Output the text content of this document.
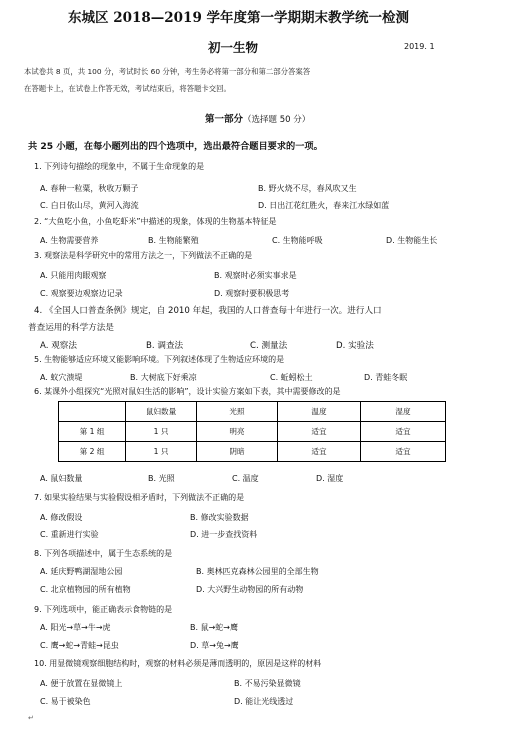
东城区 2018—2019 学年度第一学期期末教学统一检测
初一生物	2019. 1
本试卷共 8 页，共 100 分，考试时长 60 分钟，考生务必将第一部分和第二部分答案答
在答题卡上，在试卷上作答无效，考试结束后，将答题卡交回。
第一部分（选择题 50 分）
共 25 小题，在每小题列出的四个选项中，选出最符合题目要求的一项。
1. 下列诗句描绘的现象中，不属于生命现象的是
A. 春种一粒粟，秋收万颗子	B. 野火烧不尽，春风吹又生
C. 白日依山尽，黄河入海流	D. 日出江花红胜火，春来江水绿如蓝
2. “大鱼吃小鱼，小鱼吃虾米”中描述的现象，体现的生物基本特征是
A. 生物需要营养	B. 生物能繁殖	C. 生物能呼吸	D. 生物能生长
3. 观察法是科学研究中的常用方法之一，下列做法不正确的是
A. 只能用肉眼观察	B. 观察时必须实事求是
C. 观察要边观察边记录	D. 观察时要积极思考
4. 《全国人口普查条例》规定，自 2010 年起，我国的人口普查每十年进行一次。进行人口
普查运用的科学方法是
A. 观察法	B. 调查法	C. 测量法	D. 实验法
5. 生物能够适应环境又能影响环境。下列叙述体现了生物适应环境的是
A. 蚁穴溃堤	B. 大树底下好乘凉	C. 蚯蚓松土	D. 青蛙冬眠
6. 某课外小组探究“光照对鼠妇生活的影响”，设计实验方案如下表，其中需要修改的是
	鼠妇数量	光照	温度	湿度
第 1 组	1 只	明亮	适宜	适宜
第 2 组	1 只	阴暗	适宜	适宜
A. 鼠妇数量	B. 光照	C. 温度	D. 湿度
7. 如果实验结果与实验假设相矛盾时，下列做法不正确的是
A. 修改假设	B. 修改实验数据
C. 重新进行实验	D. 进一步查找资料
8. 下列各项描述中，属于生态系统的是
A. 延庆野鸭湖湿地公园	B. 奥林匹克森林公园里的全部生物
C. 北京植物园的所有植物	D. 大兴野生动物园的所有动物
9. 下列选项中，能正确表示食物链的是
A. 阳光→草→牛→虎	B. 鼠→蛇→鹰
C. 鹰→蛇→青蛙→昆虫	D. 草→兔→鹰
10. 用显微镜观察细胞结构时，观察的材料必须是薄而透明的，原因是这样的材料
A. 便于放置在显微镜上	B. 不易污染显微镜
C. 易于被染色	D. 能让光线透过
↵
